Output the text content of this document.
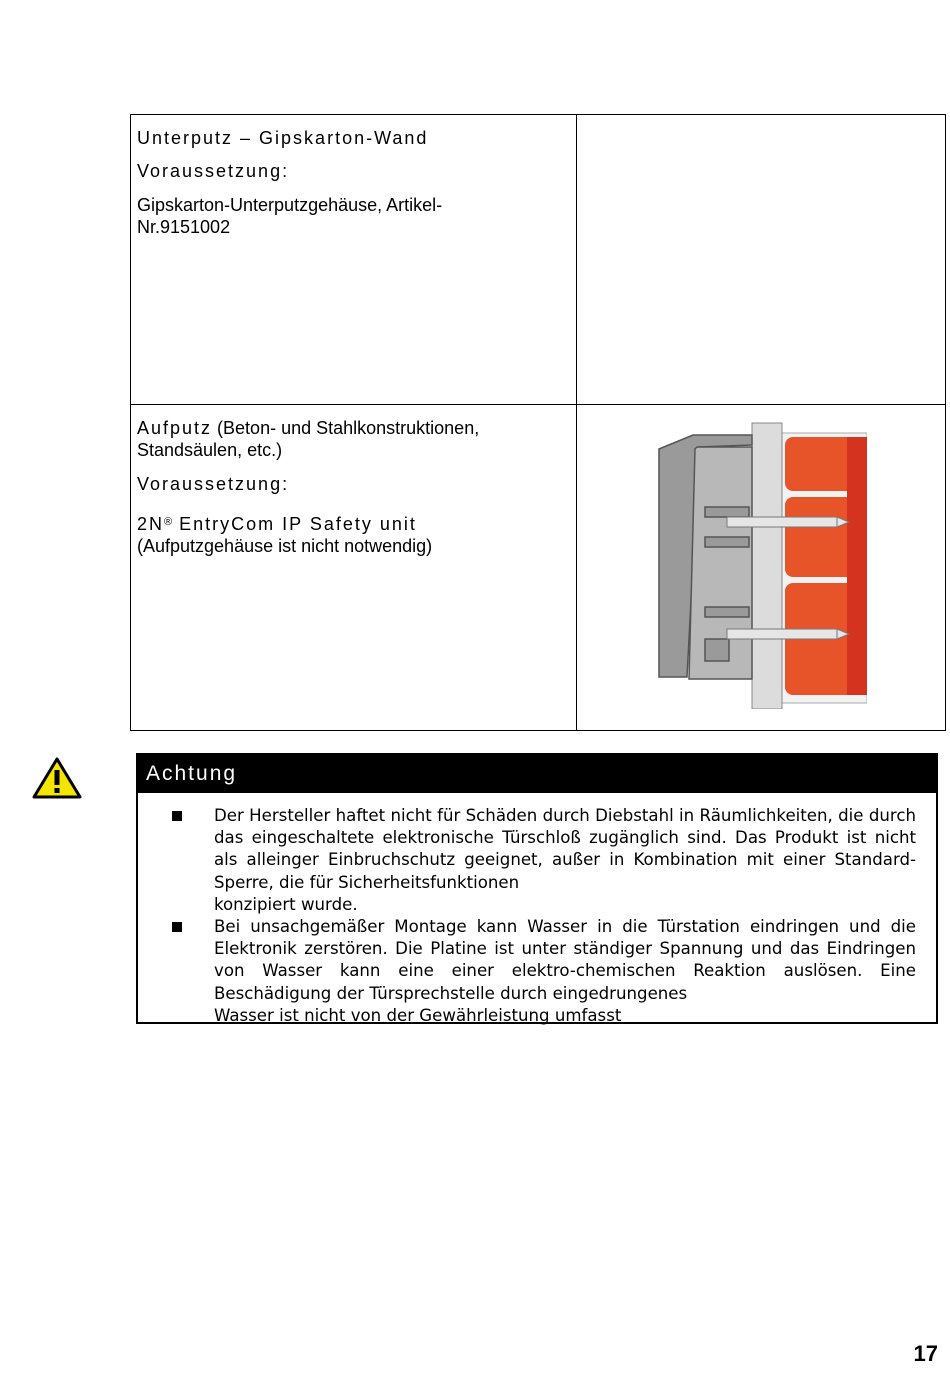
Unterputz – Gipskarton-Wand

Voraussetzung:

Gipskarton-Unterputzgehäuse, Artikel-
Nr.9151002	

Aufputz (Beton- und Stahlkonstruktionen,
Standsäulen, etc.)

Voraussetzung:

2N® EntryCom IP Safety unit
(Aufputzgehäuse ist nicht notwendig)

Achtung
Der Hersteller haftet nicht für Schäden durch Diebstahl in Räumlichkeiten, die durch das eingeschaltete elektronische Türschloß zugänglich sind. Das Produkt ist nicht als alleinger Einbruchschutz geeignet, außer in Kombination mit einer Standard-Sperre, die für Sicherheitsfunktionen
konzipiert wurde.
Bei unsachgemäßer Montage kann Wasser in die Türstation eindringen und die Elektronik zerstören. Die Platine ist unter ständiger Spannung und das Eindringen von Wasser kann eine einer elektro-chemischen Reaktion auslösen. Eine Beschädigung der Türsprechstelle durch eingedrungenes
Wasser ist nicht von der Gewährleistung umfasst
17
